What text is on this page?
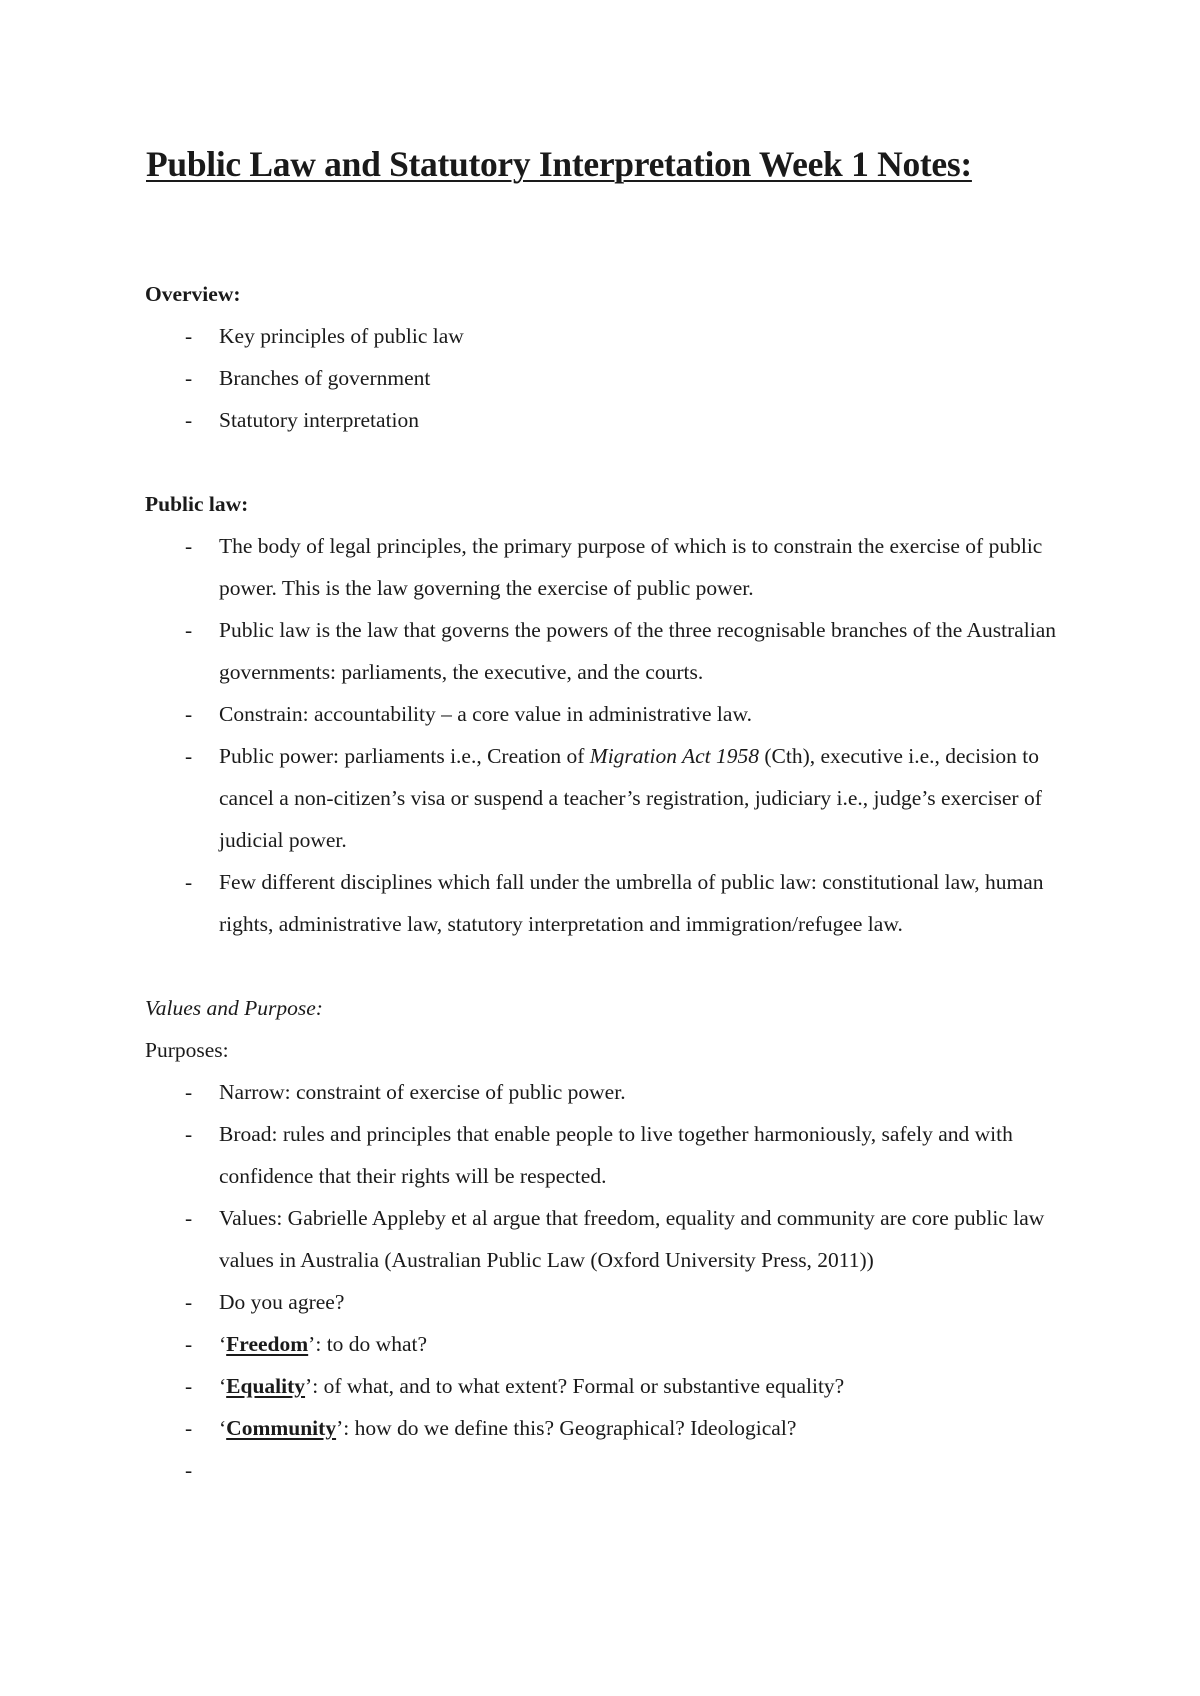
Public Law and Statutory Interpretation Week 1 Notes:
Overview:
- Key principles of public law
- Branches of government
- Statutory interpretation
Public law:
- The body of legal principles, the primary purpose of which is to constrain the exercise of public power. This is the law governing the exercise of public power.
- Public law is the law that governs the powers of the three recognisable branches of the Australian governments: parliaments, the executive, and the courts.
- Constrain: accountability – a core value in administrative law.
- Public power: parliaments i.e., Creation of Migration Act 1958 (Cth), executive i.e., decision to cancel a non-citizen’s visa or suspend a teacher’s registration, judiciary i.e., judge’s exerciser of judicial power.
- Few different disciplines which fall under the umbrella of public law: constitutional law, human rights, administrative law, statutory interpretation and immigration/refugee law.
Values and Purpose:
Purposes:
- Narrow: constraint of exercise of public power.
- Broad: rules and principles that enable people to live together harmoniously, safely and with confidence that their rights will be respected.
- Values: Gabrielle Appleby et al argue that freedom, equality and community are core public law values in Australia (Australian Public Law (Oxford University Press, 2011))
- Do you agree?
- ‘Freedom’: to do what?
- ‘Equality’: of what, and to what extent? Formal or substantive equality?
- ‘Community’: how do we define this? Geographical? Ideological?
-
